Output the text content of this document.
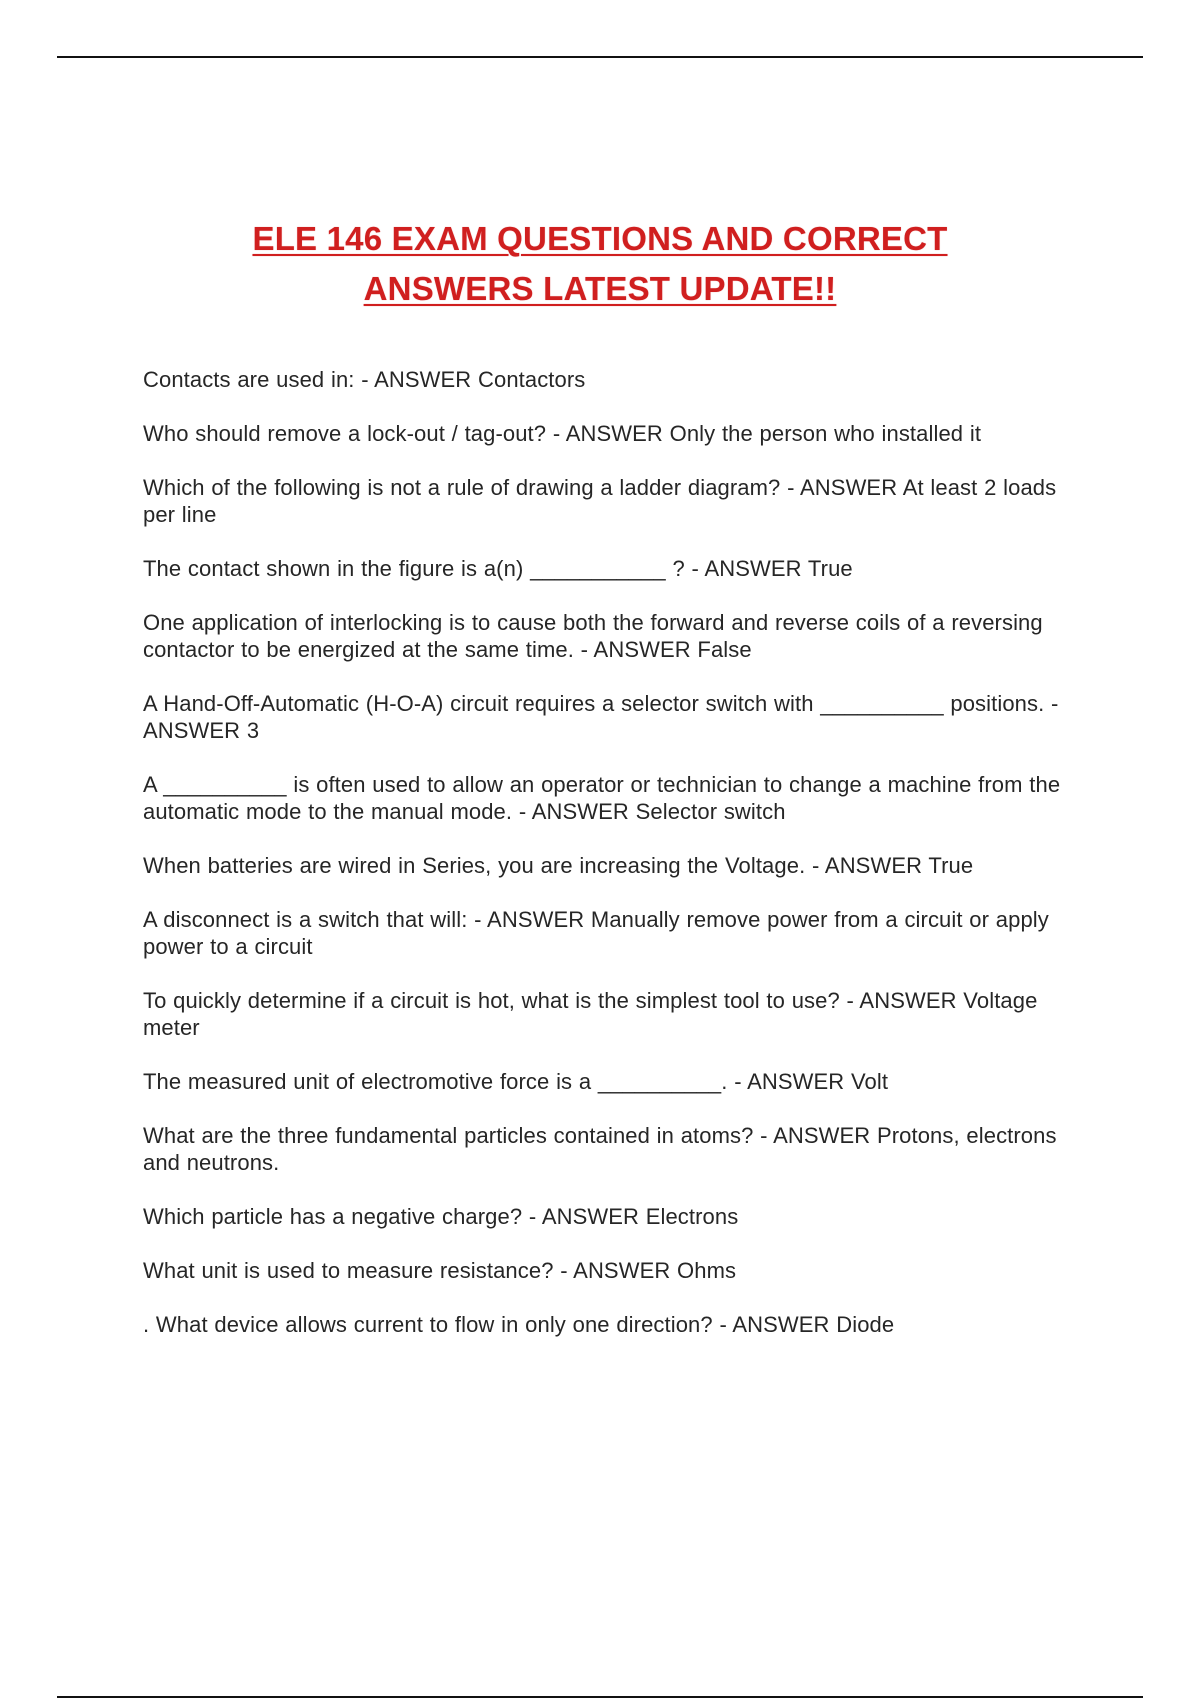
ELE 146 EXAM QUESTIONS AND CORRECT
ANSWERS LATEST UPDATE!!

Contacts are used in: - ANSWER Contactors

Who should remove a lock-out / tag-out? - ANSWER Only the person who installed it

Which of the following is not a rule of drawing a ladder diagram? - ANSWER At least 2 loads per line

The contact shown in the figure is a(n) ___________ ? - ANSWER True

One application of interlocking is to cause both the forward and reverse coils of a reversing contactor to be energized at the same time. - ANSWER False

A Hand-Off-Automatic (H-O-A) circuit requires a selector switch with __________ positions. - ANSWER 3

A __________ is often used to allow an operator or technician to change a machine from the automatic mode to the manual mode. - ANSWER Selector switch

When batteries are wired in Series, you are increasing the Voltage. - ANSWER True

A disconnect is a switch that will: - ANSWER Manually remove power from a circuit or apply power to a circuit

To quickly determine if a circuit is hot, what is the simplest tool to use? - ANSWER Voltage meter

The measured unit of electromotive force is a __________. - ANSWER Volt

What are the three fundamental particles contained in atoms? - ANSWER Protons, electrons and neutrons.

Which particle has a negative charge? - ANSWER Electrons

What unit is used to measure resistance? - ANSWER Ohms

. What device allows current to flow in only one direction? - ANSWER Diode
